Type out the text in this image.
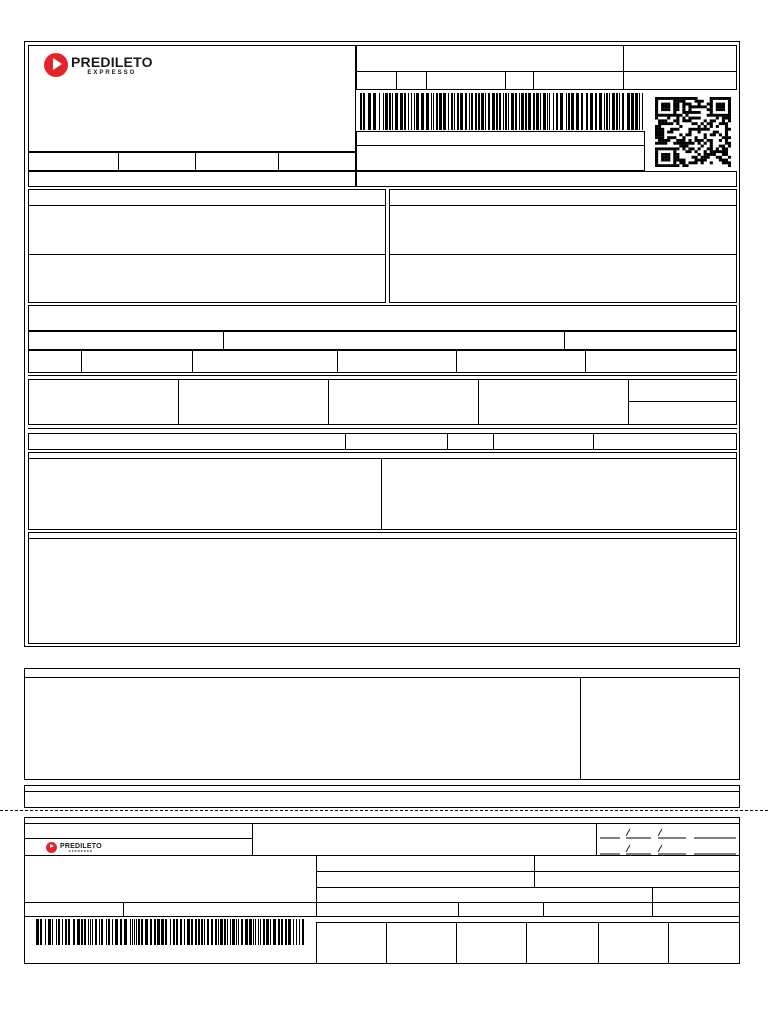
PREDILETO
EXPRESSO
PREDILETO
EXPRESSO
